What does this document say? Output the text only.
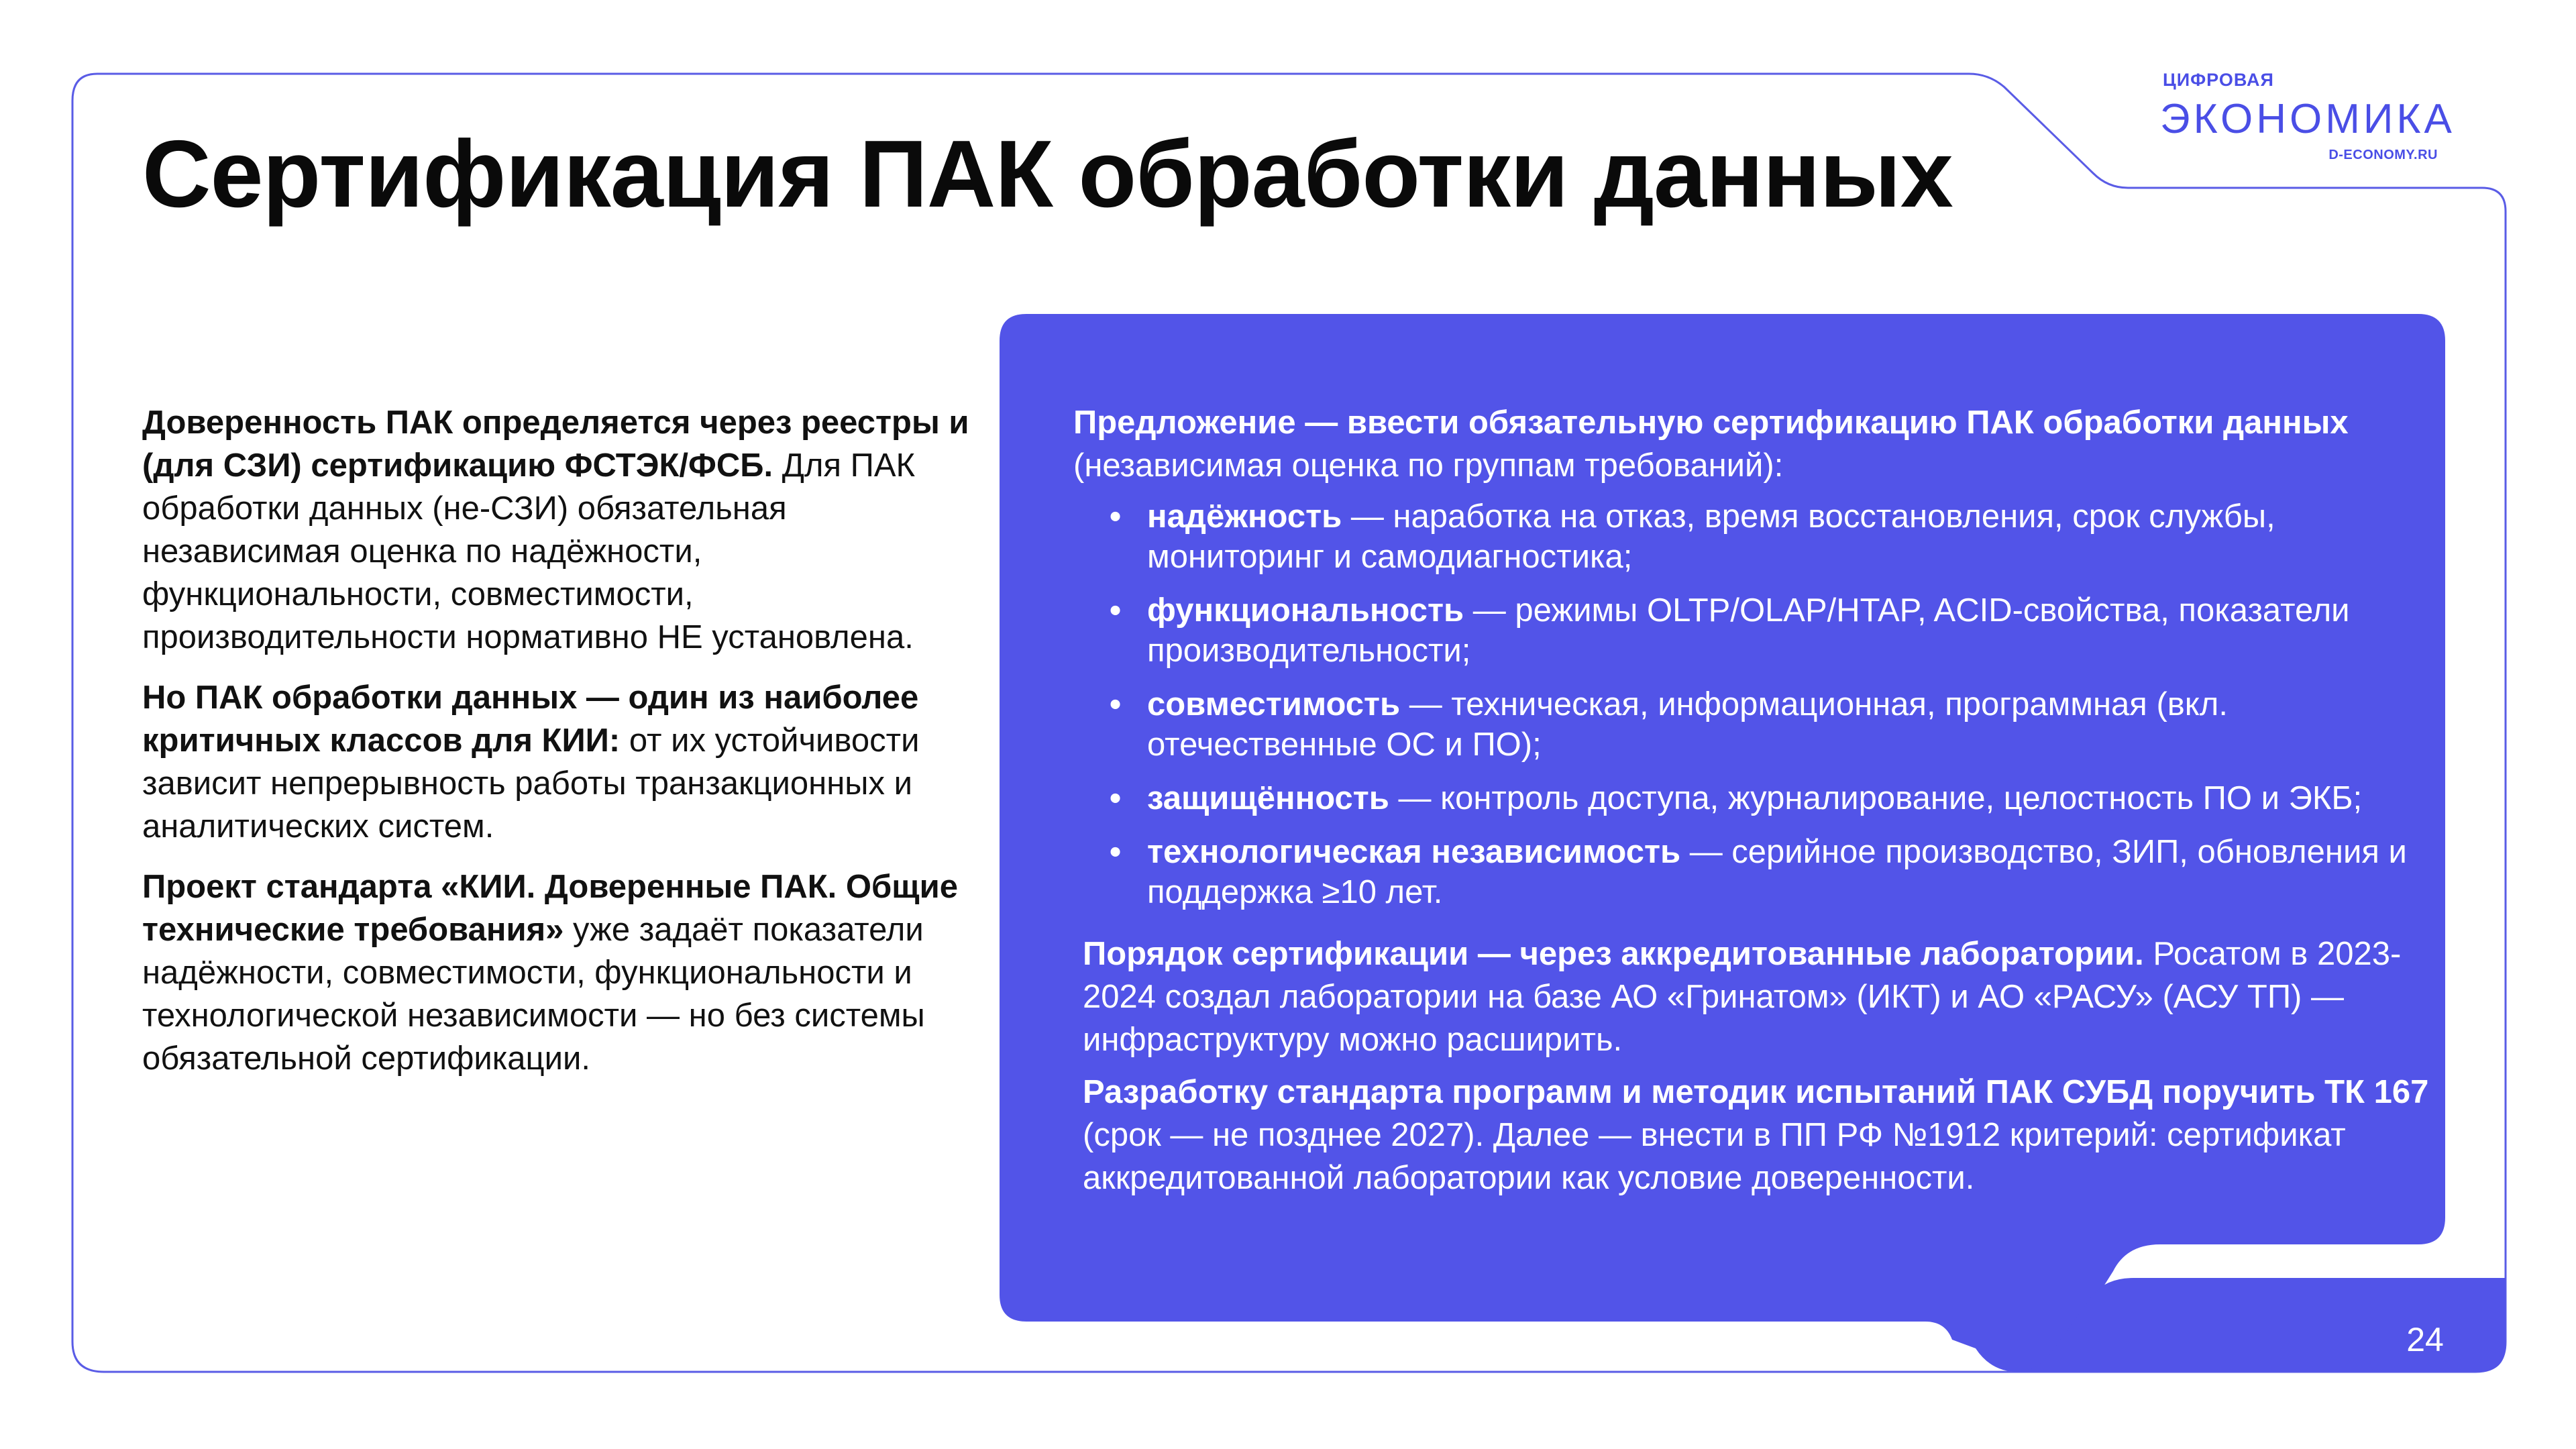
Сертификация ПАК обработки данных
ЦИФРОВАЯ
ЭКОНОМИКА
D-ECONOMY.RU

Доверенность ПАК определяется через реестры и (для СЗИ) сертификацию ФСТЭК/ФСБ. Для ПАК обработки данных (не-СЗИ) обязательная независимая оценка по надёжности, функциональности, совместимости, производительности нормативно НЕ установлена.

Но ПАК обработки данных — один из наиболее критичных классов для КИИ: от их устойчивости зависит непрерывность работы транзакционных и аналитических систем.

Проект стандарта «КИИ. Доверенные ПАК. Общие технические требования» уже задаёт показатели надёжности, совместимости, функциональности и технологической независимости — но без системы обязательной сертификации.

Предложение — ввести обязательную сертификацию ПАК обработки данных
(независимая оценка по группам требований):

• надёжность — наработка на отказ, время восстановления, срок службы, мониторинг и самодиагностика;
• функциональность — режимы OLTP/OLAP/HTAP, ACID-свойства, показатели производительности;
• совместимость — техническая, информационная, программная (вкл. отечественные ОС и ПО);
• защищённость — контроль доступа, журналирование, целостность ПО и ЭКБ;
• технологическая независимость — серийное производство, ЗИП, обновления и поддержка ≥10 лет.

Порядок сертификации — через аккредитованные лаборатории. Росатом в 2023-2024 создал лаборатории на базе АО «Гринатом» (ИКТ) и АО «РАСУ» (АСУ ТП) — инфраструктуру можно расширить.

Разработку стандарта программ и методик испытаний ПАК СУБД поручить ТК 167 (срок — не позднее 2027). Далее — внести в ПП РФ №1912 критерий: сертификат аккредитованной лаборатории как условие доверенности.

24
